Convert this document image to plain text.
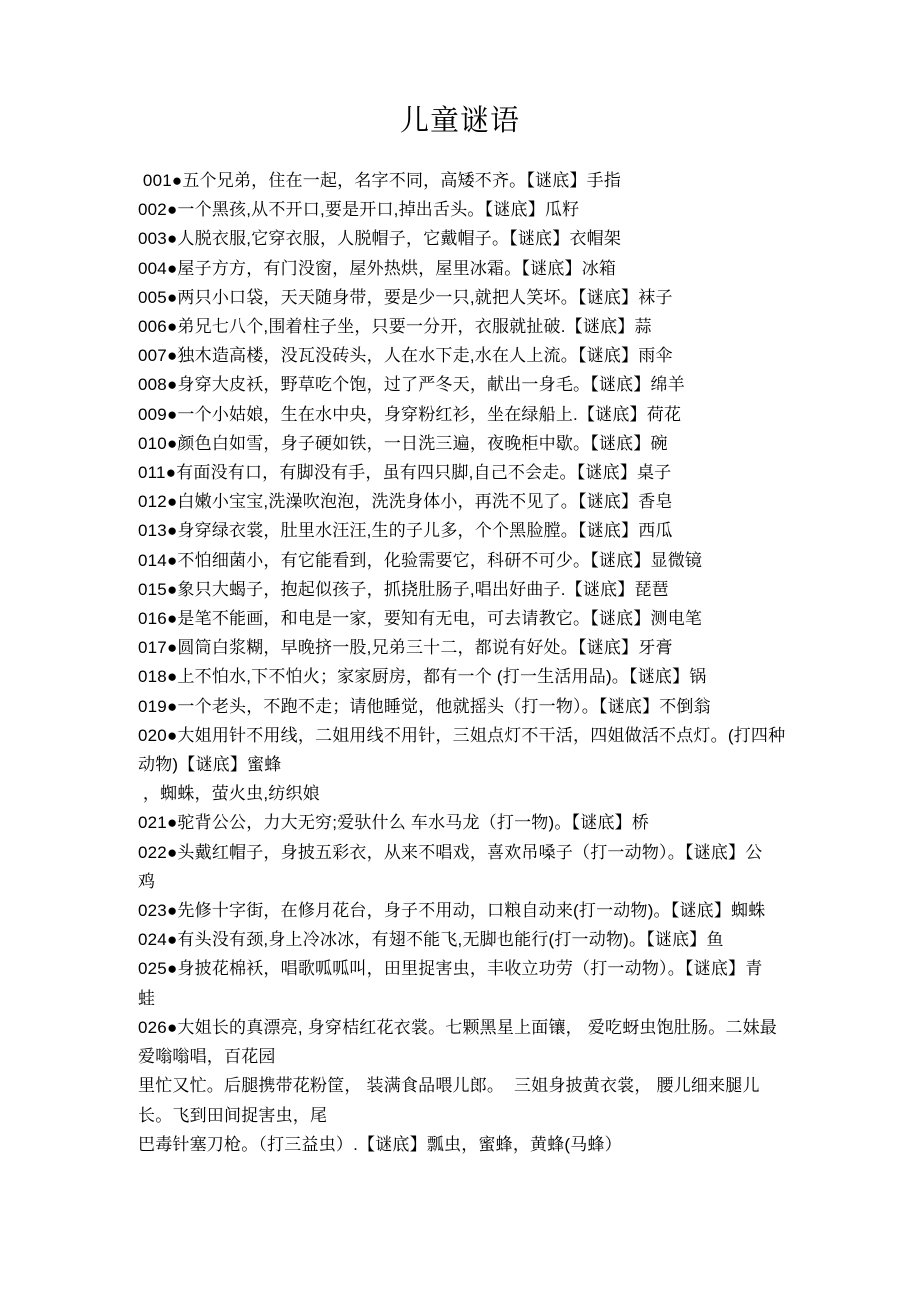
儿童谜语

001●五个兄弟，住在一起，名字不同，高矮不齐。【谜底】手指

002●一个黑孩,从不开口,要是开口,掉出舌头。【谜底】瓜籽

003●人脱衣服,它穿衣服，人脱帽子，它戴帽子。【谜底】衣帽架

004●屋子方方，有门没窗，屋外热烘，屋里冰霜。【谜底】冰箱

005●两只小口袋，天天随身带，要是少一只,就把人笑坏。【谜底】袜子

006●弟兄七八个,围着柱子坐，只要一分开，衣服就扯破.【谜底】蒜

007●独木造高楼，没瓦没砖头，人在水下走,水在人上流。【谜底】雨伞

008●身穿大皮袄，野草吃个饱，过了严冬天，献出一身毛。【谜底】绵羊

009●一个小姑娘，生在水中央，身穿粉红衫，坐在绿船上.【谜底】荷花

010●颜色白如雪，身子硬如铁，一日洗三遍，夜晚柜中歇。【谜底】碗

011●有面没有口，有脚没有手，虽有四只脚,自己不会走。【谜底】桌子

012●白嫩小宝宝,洗澡吹泡泡，洗洗身体小，再洗不见了。【谜底】香皂

013●身穿绿衣裳，肚里水汪汪,生的子儿多，个个黑脸膛。【谜底】西瓜

014●不怕细菌小，有它能看到，化验需要它，科研不可少。【谜底】显微镜

015●象只大蝎子，抱起似孩子，抓挠肚肠子,唱出好曲子.【谜底】琵琶

016●是笔不能画，和电是一家，要知有无电，可去请教它。【谜底】测电笔

017●圆筒白浆糊，早晚挤一股,兄弟三十二，都说有好处。【谜底】牙膏

018●上不怕水,下不怕火；家家厨房，都有一个 (打一生活用品)。【谜底】锅

019●一个老头，不跑不走；请他睡觉，他就摇头（打一物）。【谜底】不倒翁

020●大姐用针不用线，二姐用线不用针，三姐点灯不干活，四姐做活不点灯。(打四种

动物)【谜底】蜜蜂

，蜘蛛，萤火虫,纺织娘

021●驼背公公，力大无穷;爱驮什么 车水马龙（打一物)。【谜底】桥

022●头戴红帽子，身披五彩衣，从来不唱戏，喜欢吊嗓子（打一动物）。【谜底】公

鸡

023●先修十字街，在修月花台，身子不用动，口粮自动来(打一动物)。【谜底】蜘蛛

024●有头没有颈,身上冷冰冰，有翅不能飞,无脚也能行(打一动物)。【谜底】鱼

025●身披花棉袄，唱歌呱呱叫，田里捉害虫，丰收立功劳（打一动物）。【谜底】青

蛙

026●大姐长的真漂亮, 身穿桔红花衣裳。七颗黑星上面镶， 爱吃蚜虫饱肚肠。二妹最

爱嗡嗡唱，百花园

里忙又忙。后腿携带花粉筐， 装满食品喂儿郎。  三姐身披黄衣裳， 腰儿细来腿儿

长。飞到田间捉害虫，尾

巴毒针塞刀枪。（打三益虫）.【谜底】瓢虫，蜜蜂，黄蜂(马蜂）
